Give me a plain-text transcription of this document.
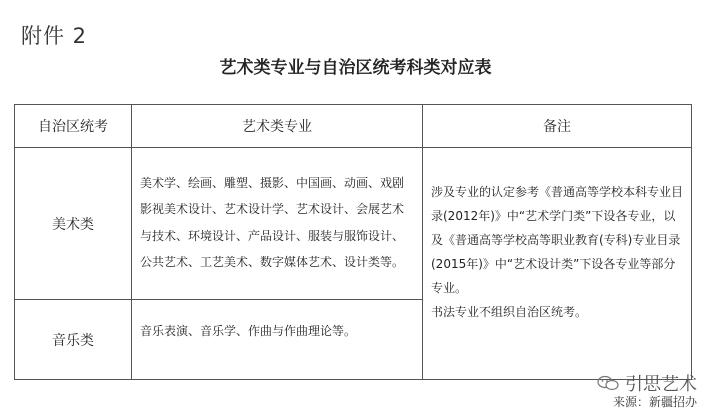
附件 2
艺术类专业与自治区统考科类对应表
自治区统考	艺术类专业	备注
美术类	美术学、绘画、雕塑、摄影、中国画、动画、戏剧影视美术设计、艺术设计学、艺术设计、会展艺术与技术、环境设计、产品设计、服装与服饰设计、公共艺术、工艺美术、数字媒体艺术、设计类等。	涉及专业的认定参考《普通高等学校本科专业目录(2012年)》中“艺术学门类”下设各专业，以及《普通高等学校高等职业教育(专科)专业目录(2015年)》中“艺术设计类”下设各专业等部分专业。

书法专业不组织自治区统考。

音乐类	音乐表演、音乐学、作曲与作曲理论等。	
引思艺术
来源：新疆招办
